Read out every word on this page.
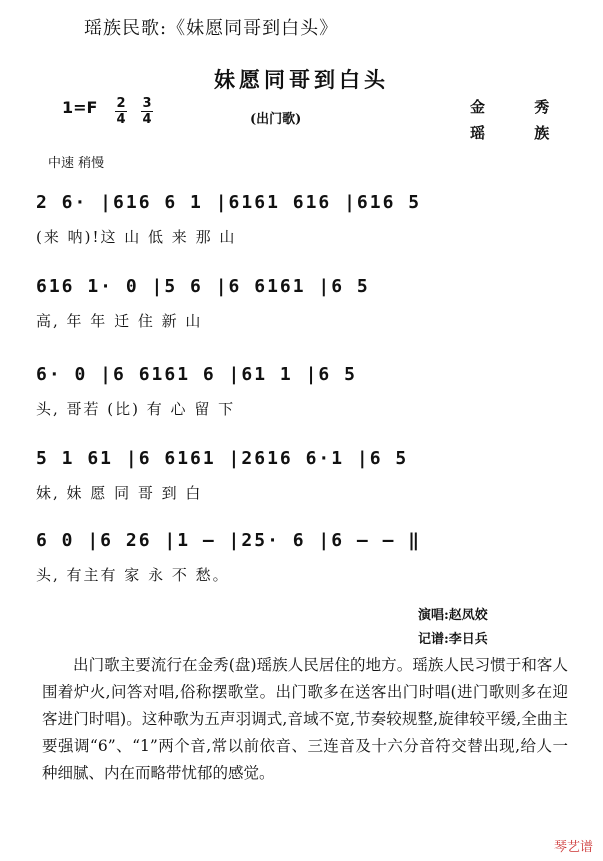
瑶族民歌:《妹愿同哥到白头》
妹愿同哥到白头
1=F 2
4
3
4	(出门歌)
金 秀
瑶 族
中速 稍慢
2 6· |616 6 1 |6161 616 |616 5
(来 呐)!这 山 低 来 那 山
616 1· 0 |5 6 |6 6161 |6 5
高, 年 年 迁 住 新 山
6· 0 |6 6161 6 |61 1 |6 5
头, 哥若 (比) 有 心 留 下
5 1 61 |6 6161 |2616 6·1 |6 5
妹, 妹 愿 同 哥 到 白
6 0 |6 26 |1 — |25· 6 |6 — — ‖
头, 有主有 家 永 不 愁。
演唱:赵凤姣
记谱:李日兵
出门歌主要流行在金秀(盘)瑶族人民居住的地方。瑶族人民习惯于和客人围着炉火,问答对唱,俗称摆歌堂。出门歌多在送客出门时唱(进门歌则多在迎客进门时唱)。这种歌为五声羽调式,音域不宽,节奏较规整,旋律较平缓,全曲主要强调“6”、“1”两个音,常以前依音、三连音及十六分音符交替出现,给人一种细腻、内在而略带忧郁的感觉。
琴艺谱
